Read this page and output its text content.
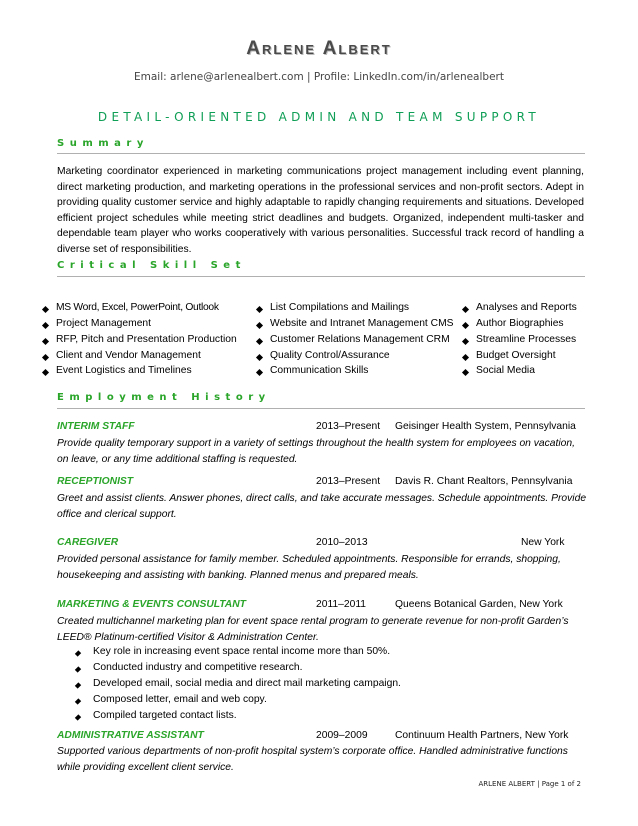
Arlene Albert
Email: arlene@arlenealbert.com | Profile: LinkedIn.com/in/arlenealbert
DETAIL-ORIENTED ADMIN AND TEAM SUPPORT
Summary
Marketing coordinator experienced in marketing communications project management including event planning, direct marketing production, and marketing operations in the professional services and non-profit sectors. Adept in providing quality customer service and highly adaptable to rapidly changing requirements and situations. Developed efficient project schedules while meeting strict deadlines and budgets. Organized, independent multi-tasker and dependable team player who works cooperatively with various personalities. Successful track record of handling a diverse set of responsibilities.
Critical Skill Set
MS Word, Excel, PowerPoint, Outlook
Project Management
RFP, Pitch and Presentation Production
Client and Vendor Management
Event Logistics and Timelines
List Compilations and Mailings
Website and Intranet Management CMS
Customer Relations Management CRM
Quality Control/Assurance
Communication Skills
Analyses and Reports
Author Biographies
Streamline Processes
Budget Oversight
Social Media
Employment History
INTERIM STAFF	2013–Present Geisinger Health System, Pennsylvania
Provide quality temporary support in a variety of settings throughout the health system for employees on vacation, on leave, or any time additional staffing is requested.
RECEPTIONIST	2013–Present Davis R. Chant Realtors, Pennsylvania
Greet and assist clients. Answer phones, direct calls, and take accurate messages. Schedule appointments. Provide office and clerical support.
CAREGIVER	2010–2013	New York
Provided personal assistance for family member. Scheduled appointments. Responsible for errands, shopping, housekeeping and assisting with banking. Planned menus and prepared meals.
MARKETING & EVENTS CONSULTANT	2011–2011	Queens Botanical Garden, New York
Created multichannel marketing plan for event space rental program to generate revenue for non-profit Garden’s LEED® Platinum-certified Visitor & Administration Center.
Key role in increasing event space rental income more than 50%.
Conducted industry and competitive research.
Developed email, social media and direct mail marketing campaign.
Composed letter, email and web copy.
Compiled targeted contact lists.
ADMINISTRATIVE ASSISTANT	2009–2009	Continuum Health Partners, New York
Supported various departments of non-profit hospital system’s corporate office. Handled administrative functions while providing excellent client service.
ARLENE ALBERT | Page 1 of 2
